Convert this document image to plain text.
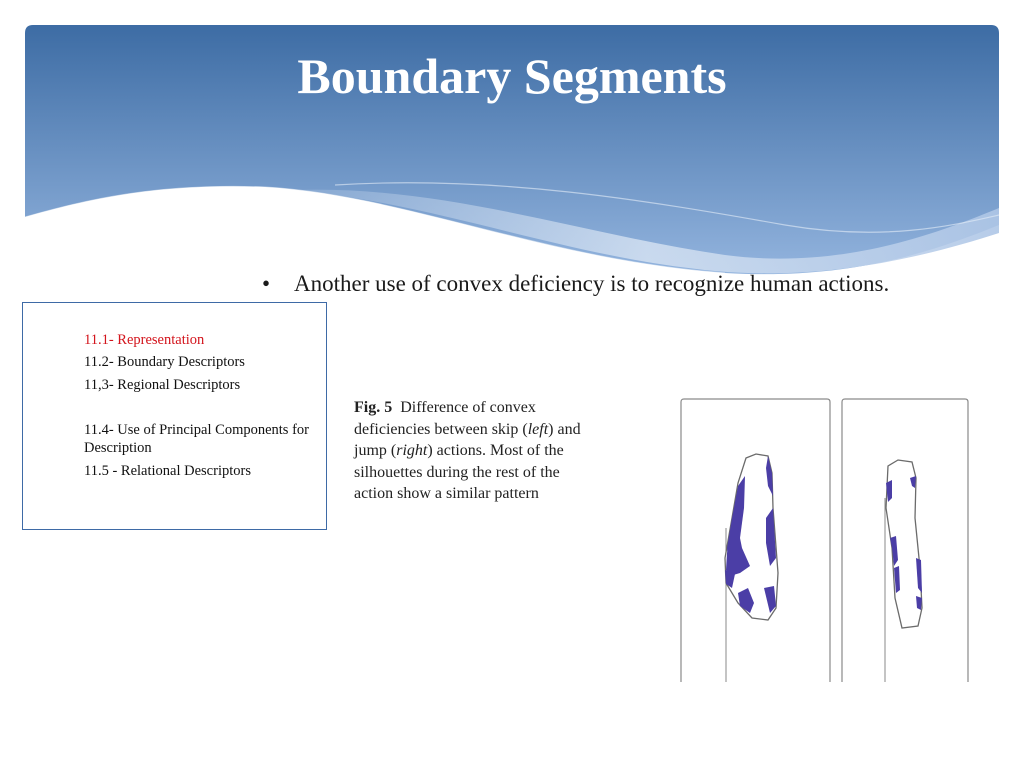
Boundary Segments
• Another use of convex deficiency is to recognize human actions.
11.1- Representation
11.2- Boundary Descriptors
11,3- Regional Descriptors
11.4- Use of Principal Components for Description
11.5 - Relational Descriptors
Fig. 5 Difference of convex deficiencies between skip (left) and jump (right) actions. Most of the silhouettes during the rest of the action show a similar pattern
